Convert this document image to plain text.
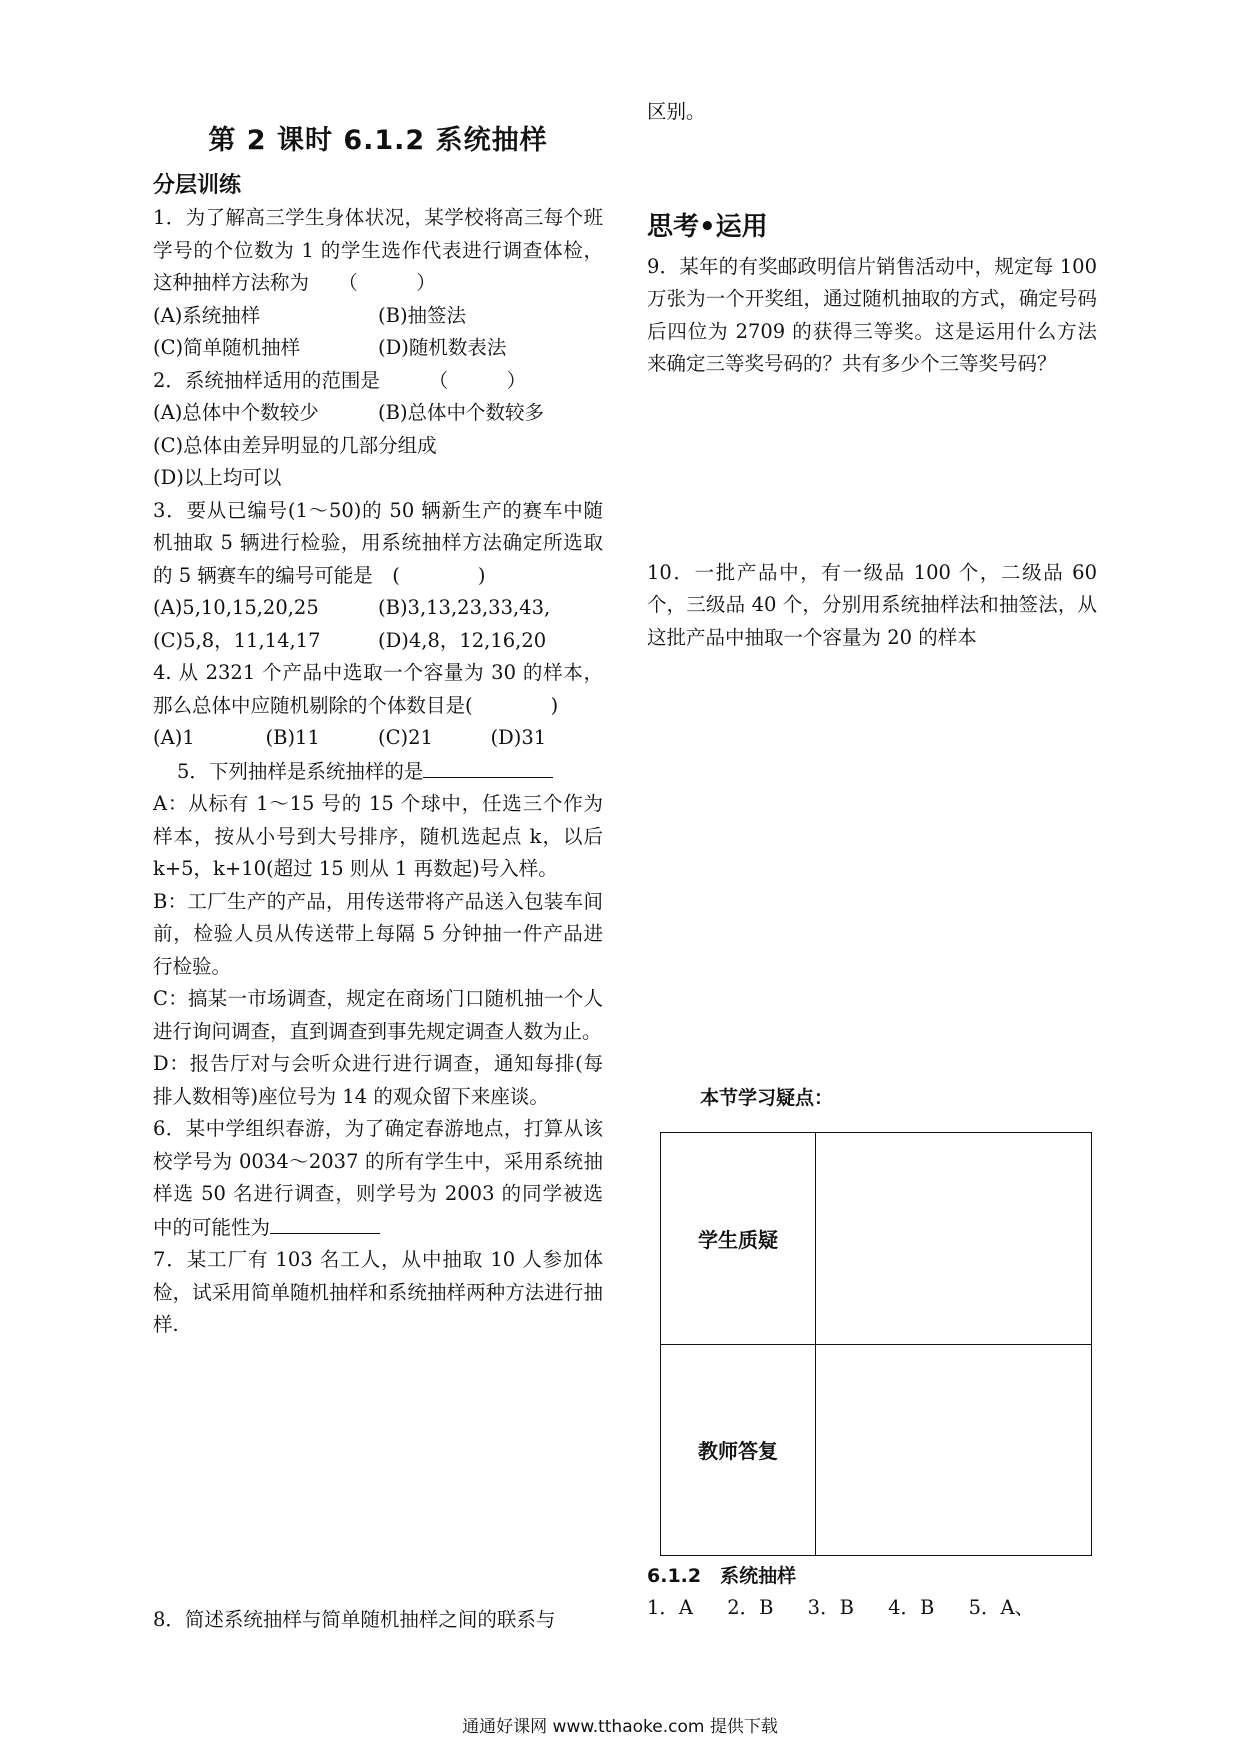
第 2 课时 6.1.2 系统抽样
分层训练

1．为了解高三学生身体状况，某学校将高三每个班学号的个位数为 1 的学生选作代表进行调查体检，这种抽样方法称为　　（　　　）

(A)系统抽样	(B)抽签法
(C)简单随机抽样	(D)随机数表法

2．系统抽样适用的范围是　　　（　　　）

(A)总体中个数较少	(B)总体中个数较多

(C)总体由差异明显的几部分组成

(D)以上均可以

3．要从已编号(1～50)的 50 辆新生产的赛车中随机抽取 5 辆进行检验，用系统抽样方法确定所选取的 5 辆赛车的编号可能是　(　　　　)

(A)5,10,15,20,25	(B)3,13,23,33,43,
(C)5,8，11,14,17	(D)4,8，12,16,20

4. 从 2321 个产品中选取一个容量为 30 的样本，那么总体中应随机剔除的个体数目是(　　　　)

(A)1	(B)11	(C)21	(D)31

5．下列抽样是系统抽样的是

A：从标有 1～15 号的 15 个球中，任选三个作为样本，按从小号到大号排序，随机选起点 k，以后 k+5，k+10(超过 15 则从 1 再数起)号入样。

B：工厂生产的产品，用传送带将产品送入包装车间前，检验人员从传送带上每隔 5 分钟抽一件产品进行检验。

C：搞某一市场调查，规定在商场门口随机抽一个人进行询问调查，直到调查到事先规定调查人数为止。

D：报告厅对与会听众进行进行调查，通知每排(每排人数相等)座位号为 14 的观众留下来座谈。

6．某中学组织春游，为了确定春游地点，打算从该校学号为 0034～2037 的所有学生中，采用系统抽样选 50 名进行调查，则学号为 2003 的同学被选中的可能性为

7．某工厂有 103 名工人，从中抽取 10 人参加体检，试采用简单随机抽样和系统抽样两种方法进行抽样.

8．简述系统抽样与简单随机抽样之间的联系与

区别。

思考•运用

9．某年的有奖邮政明信片销售活动中，规定每 100 万张为一个开奖组，通过随机抽取的方式，确定号码后四位为 2709 的获得三等奖。这是运用什么方法来确定三等奖号码的？共有多少个三等奖号码？

10．一批产品中，有一级品 100 个，二级品 60 个，三级品 40 个，分别用系统抽样法和抽签法，从这批产品中抽取一个容量为 20 的样本

本节学习疑点：
学生质疑	
教师答复	
6.1.2　系统抽样
1．A 2．B 3．B 4．B 5．A、
通通好课网 www.tthaoke.com 提供下载
